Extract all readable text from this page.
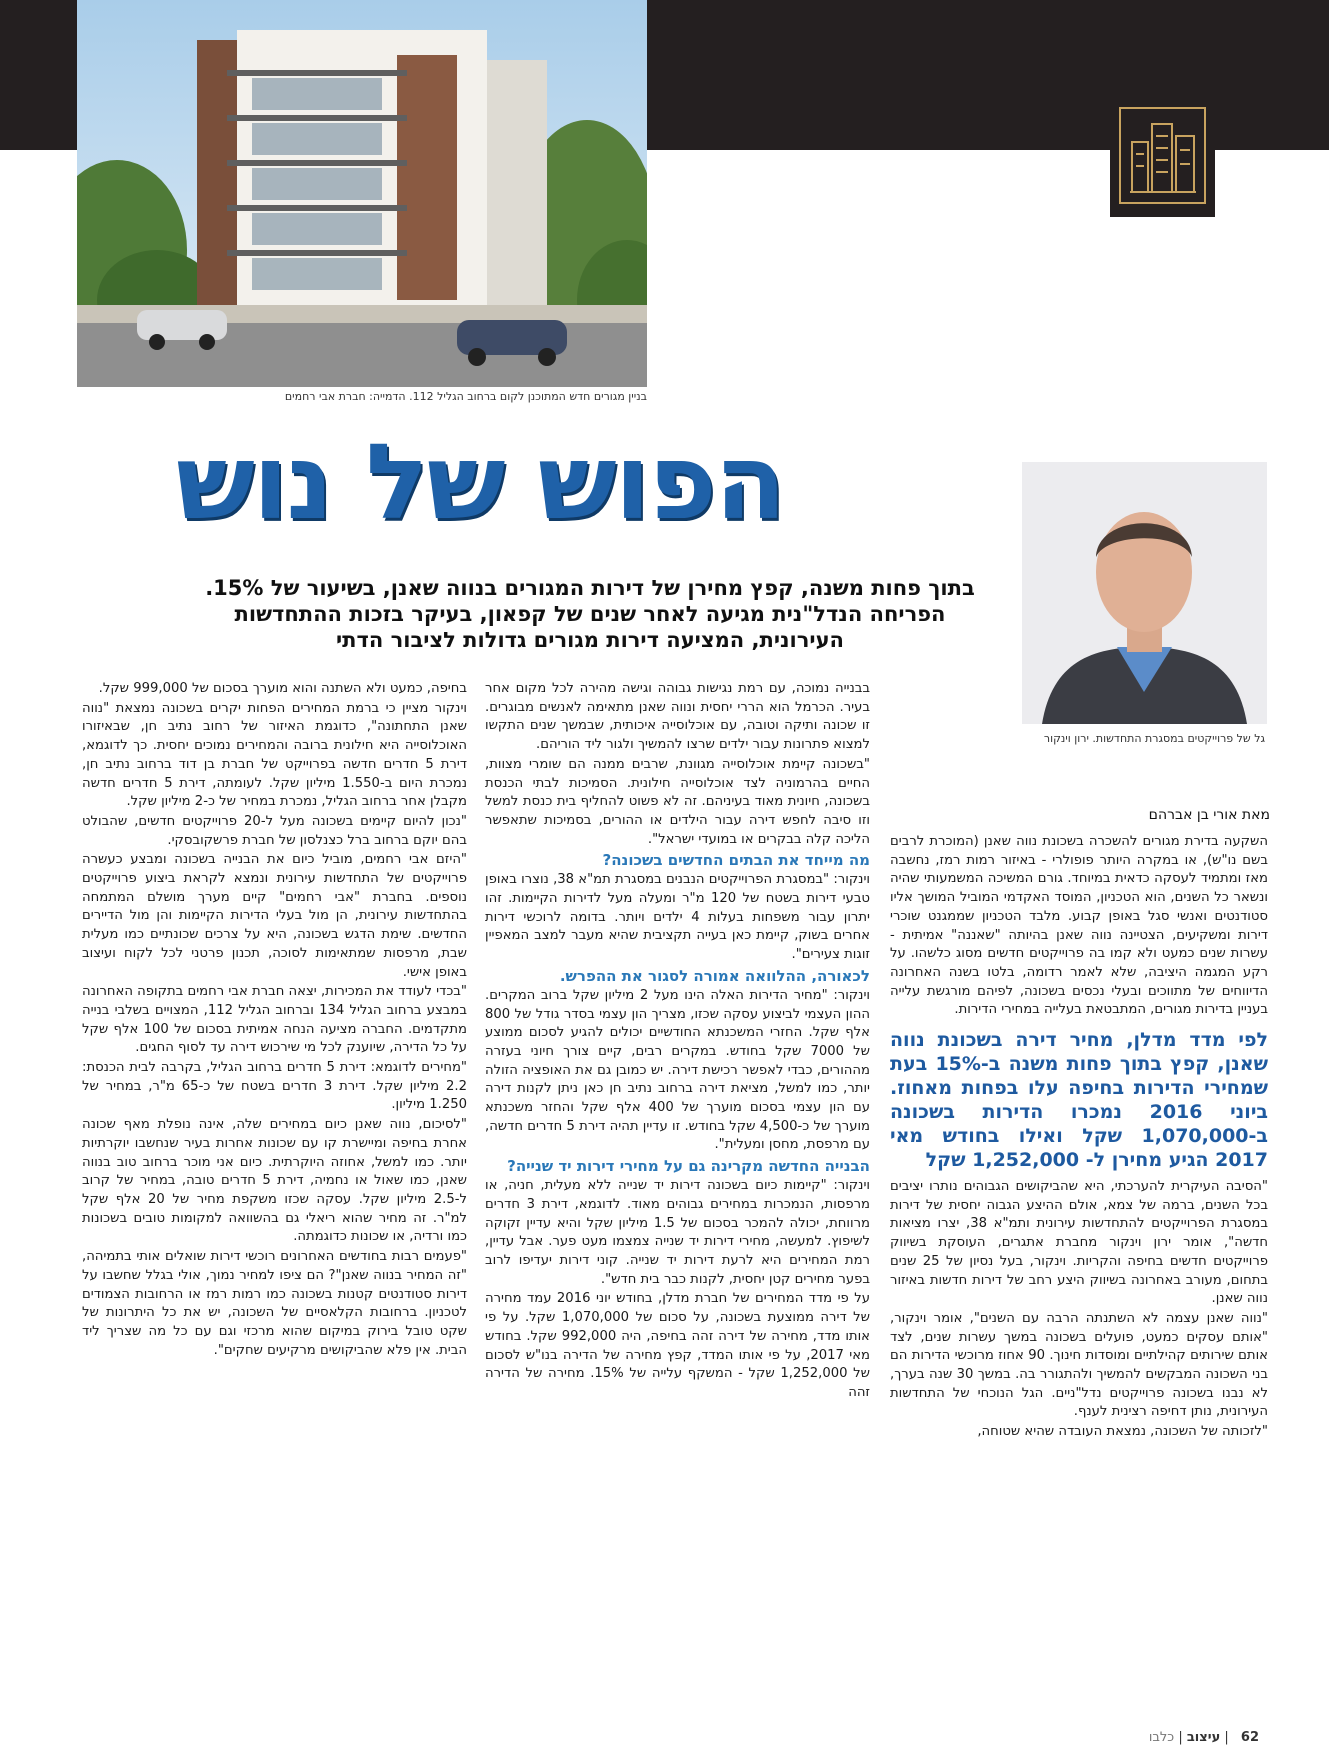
בניין מגורים חדש המתוכנן לקום ברחוב הגליל 112. הדמייה: חברת אבי רחמים
הפוש של נוש
בתוך פחות משנה, קפץ מחירן של דירות המגורים בנווה שאנן, בשיעור של 15%. הפריחה הנדל"נית מגיעה לאחר שנים של קפאון, בעיקר בזכות ההתחדשות העירונית, המציעה דירות מגורים גדולות לציבור הדתי
גל של פרוייקטים במסגרת התחדשות. ירון וינקור
מאת אורי בן אברהם

השקעה בדירת מגורים להשכרה בשכונת נווה שאנן (המוכרת לרבים בשם נו"ש), או במקרה היותר פופולרי - באיזור רמות רמז, נחשבה מאז ומתמיד לעסקה כדאית במיוחד. גורם המשיכה המשמעותי שהיה ונשאר כל השנים, הוא הטכניון, המוסד האקדמי המוביל המושך אליו סטודנטים ואנשי סגל באופן קבוע. מלבד הטכניון שממגנט שוכרי דירות ומשקיעים, הצטיינה נווה שאנן בהיותה "שאננה" אמיתית - עשרות שנים כמעט ולא קמו בה פרוייקטים חדשים מסוג כלשהו. על רקע המגמה היציבה, שלא לאמר רדומה, בלטו בשנה האחרונה הדיווחים של מתווכים ובעלי נכסים בשכונה, לפיהם מורגשת עלייה בעניין בדירות מגורים, המתבטאת בעלייה במחירי הדירות.

לפי מדד מדלן, מחיר דירה בשכונת נווה שאנן, קפץ בתוך פחות משנה ב-15% בעת שמחירי הדירות בחיפה עלו בפחות מאחוז. ביוני 2016 נמכרו הדירות בשכונה ב-1,070,000 שקל ואילו בחודש מאי 2017 הגיע מחירן ל- 1,252,000 שקל

"הסיבה העיקרית להערכתי, היא שהביקושים הגבוהים נותרו יציבים בכל השנים, ברמה של צמא, אולם ההיצע הגבוה יחסית של דירות במסגרת הפרוייקטים להתחדשות עירונית ותמ"א 38, יצרו מציאות חדשה", אומר ירון וינקור מחברת אתגרים, העוסקת בשיווק פרוייקטים חדשים בחיפה והקריות. וינקור, בעל נסיון של 25 שנים בתחום, מעורב באחרונה בשיווק היצע רחב של דירות חדשות באיזור נווה שאנן.

"נווה שאנן עצמה לא השתנתה הרבה עם השנים", אומר וינקור, "אותם עסקים כמעט, פועלים בשכונה במשך עשרות שנים, לצד אותם שירותים קהילתיים ומוסדות חינוך. 90 אחוז מרוכשי הדירות הם בני השכונה המבקשים להמשיך ולהתגורר בה. במשך 30 שנה בערך, לא נבנו בשכונה פרוייקטים נדל"ניים. הגל הנוכחי של התחדשות העירונית, נותן דחיפה רצינית לענף.

"לזכותה של השכונה, נמצאת העובדה שהיא שטוחה,

בבנייה נמוכה, עם רמת נגישות גבוהה וגישה מהירה לכל מקום אחר בעיר. הכרמל הוא הררי יחסית ונווה שאנן מתאימה לאנשים מבוגרים. זו שכונה ותיקה וטובה, עם אוכלוסייה איכותית, שבמשך שנים התקשו למצוא פתרונות עבור ילדים שרצו להמשיך ולגור ליד הוריהם.

"בשכונה קיימת אוכלוסייה מגוונת, שרבים ממנה הם שומרי מצוות, החיים בהרמוניה לצד אוכלוסייה חילונית. הסמיכות לבתי הכנסת בשכונה, חיונית מאוד בעיניהם. זה לא פשוט להחליף בית כנסת למשל וזו סיבה לחפש דירה עבור הילדים או ההורים, בסמיכות שתאפשר הליכה קלה בבקרים או במועדי ישראל".

מה מייחד את הבתים החדשים בשכונה?

וינקור: "במסגרת הפרוייקטים הנבנים במסגרת תמ"א 38, נוצרו באופן טבעי דירות בשטח של 120 מ"ר ומעלה מעל לדירות הקיימות. זהו יתרון עבור משפחות בעלות 4 ילדים ויותר. בדומה לרוכשי דירות אחרים בשוק, קיימת כאן בעייה תקציבית שהיא מעבר למצב המאפיין זוגות צעירים".

לכאורה, ההלוואה אמורה לסגור את ההפרש.

וינקור: "מחיר הדירות האלה הינו מעל 2 מיליון שקל ברוב המקרים. ההון העצמי לביצוע עסקה שכזו, מצריך הון עצמי בסדר גודל של 800 אלף שקל. החזרי המשכנתא החודשיים יכולים להגיע לסכום ממוצע של 7000 שקל בחודש. במקרים רבים, קיים צורך חיוני בעזרה מההורים, כבדי לאפשר רכישת דירה. יש כמובן גם את האופציה הזולה יותר, כמו למשל, מציאת דירה ברחוב נתיב חן כאן ניתן לקנות דירה עם הון עצמי בסכום מוערך של 400 אלף שקל והחזר משכנתא מוערך של כ-4,500 שקל בחודש. זו עדיין תהיה דירת 5 חדרים חדשה, עם מרפסת, מחסן ומעלית".

הבנייה החדשה מקרינה גם על מחירי דירות יד שנייה?

וינקור: "קיימות כיום בשכונה דירות יד שנייה ללא מעלית, חניה, או מרפסות, הנמכרות במחירים גבוהים מאוד. לדוגמא, דירת 3 חדרים מרווחת, יכולה להמכר בסכום של 1.5 מיליון שקל והיא עדיין זקוקה לשיפוץ. למעשה, מחירי דירות יד שנייה צמצמו מעט פער. אבל עדיין, רמת המחירים היא לרעת דירות יד שנייה. קוני דירות יעדיפו לרוב בפער מחירים קטן יחסית, לקנות כבר בית חדש".

על פי מדד המחירים של חברת מדלן, בחודש יוני 2016 עמד מחירה של דירה ממוצעת בשכונה, על סכום של 1,070,000 שקל. על פי אותו מדד, מחירה של דירה זהה בחיפה, היה 992,000 שקל. בחודש מאי 2017, על פי אותו המדד, קפץ מחירה של הדירה בנו"ש לסכום של 1,252,000 שקל - המשקף עלייה של 15%. מחירה של הדירה זהה

בחיפה, כמעט ולא השתנה והוא מוערך בסכום של 999,000 שקל.

וינקור מציין כי ברמת המחירים הפחות יקרים בשכונה נמצאת "נווה שאנן התחתונה", כדוגמת האיזור של רחוב נתיב חן, שבאיזורו האוכלוסייה היא חילונית ברובה והמחירים נמוכים יחסית. כך לדוגמא, דירת 5 חדרים חדשה בפרוייקט של חברת בן דוד ברחוב נתיב חן, נמכרת היום ב-1.550 מיליון שקל. לעומתה, דירת 5 חדרים חדשה מקבלן אחר ברחוב הגליל, נמכרת במחיר של כ-2 מיליון שקל.

"נכון להיום קיימים בשכונה מעל ל-20 פרוייקטים חדשים, שהבולט בהם יוקם ברחוב ברל כצנלסון של חברת פרשקובסקי.

"היזם אבי רחמים, מוביל כיום את הבנייה בשכונה ומבצע כעשרה פרוייקטים של התחדשות עירונית ונמצא לקראת ביצוע פרוייקטים נוספים. בחברת "אבי רחמים" קיים מערך מושלם המתמחה בהתחדשות עירונית, הן מול בעלי הדירות הקיימות והן מול הדיירים החדשים. שימת הדגש בשכונה, היא על צרכים שכונתיים כמו מעלית שבת, מרפסות שמתאימות לסוכה, תכנון פרטני לכל לקוח ועיצוב באופן אישי.

"בכדי לעודד את המכירות, יצאה חברת אבי רחמים בתקופה האחרונה במבצע ברחוב הגליל 134 וברחוב הגליל 112, המצויים בשלבי בנייה מתקדמים. החברה מציעה הנחה אמיתית בסכום של 100 אלף שקל על כל הדירה, שיוענק לכל מי שירכוש דירה עד לסוף החגים.

"מחירים לדוגמא: דירת 5 חדרים ברחוב הגליל, בקרבה לבית הכנסת: 2.2 מיליון שקל. דירת 3 חדרים בשטח של כ-65 מ"ר, במחיר של 1.250 מיליון.

"לסיכום, נווה שאנן כיום במחירים שלה, אינה נופלת מאף שכונה אחרת בחיפה ומיישרת קו עם שכונות אחרות בעיר שנחשבו יוקרתיות יותר. כמו למשל, אחוזה היוקרתית. כיום אני מוכר ברחוב טוב בנווה שאנן, כמו שאול או נחמיה, דירת 5 חדרים טובה, במחיר של קרוב ל-2.5 מיליון שקל. עסקה שכזו משקפת מחיר של 20 אלף שקל למ"ר. זה מחיר שהוא ריאלי גם בהשוואה למקומות טובים בשכונות כמו ורדיה, או שכונות כדוגמתה.

"פעמים רבות בחודשים האחרונים רוכשי דירות שואלים אותי בתמיהה, "זה המחיר בנווה שאנן"? הם ציפו למחיר נמוך, אולי בגלל שחשבו על דירות סטודנטים קטנות בשכונה כמו רמות רמז או הרחובות הצמודים לטכניון. ברחובות הקלאסיים של השכונה, יש את כל היתרונות של שקט טובל בירוק במיקום שהוא מרכזי וגם עם כל מה שצריך ליד הבית. אין פלא שהביקושים מרקיעים שחקים".

62 | עיצוב | כלבו
